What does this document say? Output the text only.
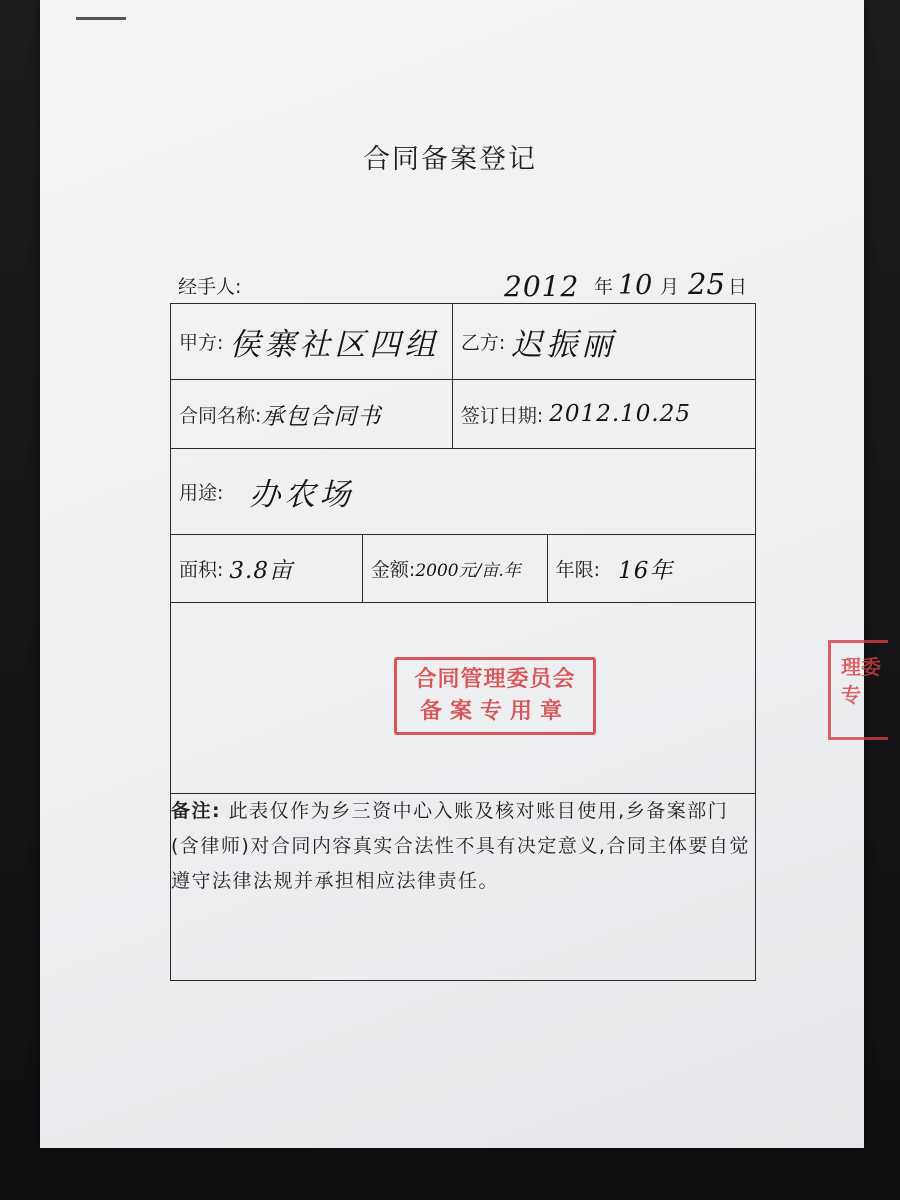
合同备案登记
经手人:	2012 年 10 月 25 日
甲方: 侯寨社区四组		乙方: 迟振丽	

合同名称: 承包合同书		签订日期: 2012.10.25	

用途: 办农场			

面积: 3.8亩	金额: 2000元/亩.年		年限: 16年

备注: 此表仅作为乡三资中心入账及核对账目使用,乡备案部门(含律师)对合同内容真实合法性不具有决定意义,合同主体要自觉遵守法律法规并承担相应法律责任。			
合同管理委员会
备案专用章
理委
专
